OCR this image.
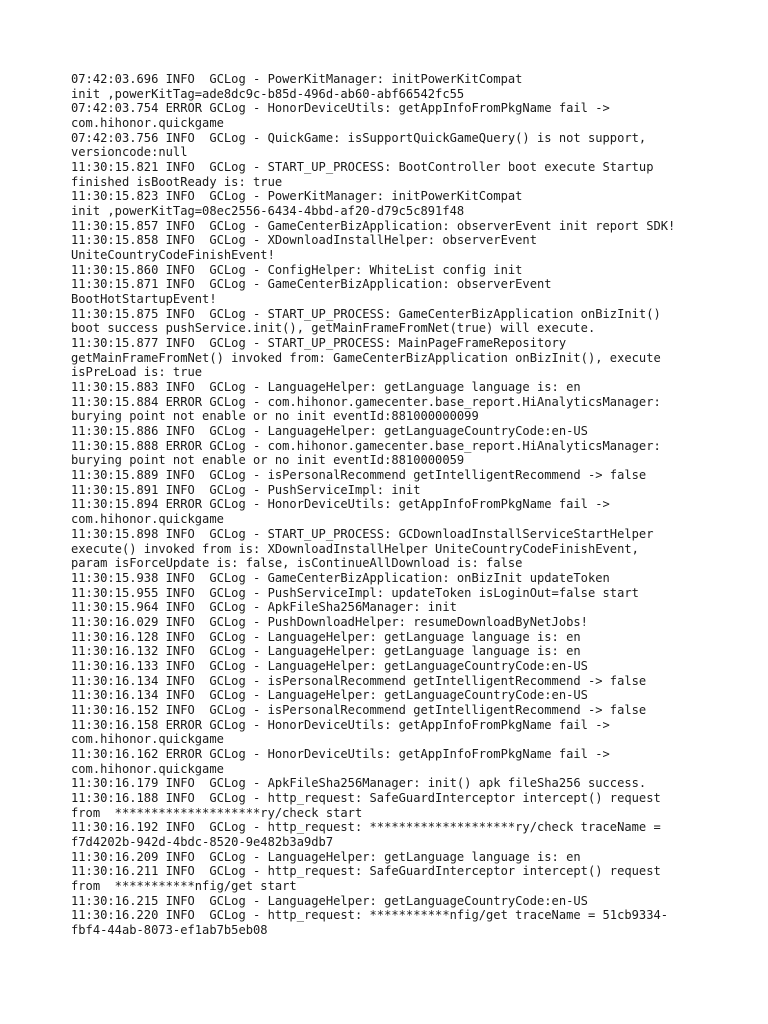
07:42:03.696 INFO  GCLog - PowerKitManager: initPowerKitCompat
init ,powerKitTag=ade8dc9c-b85d-496d-ab60-abf66542fc55
07:42:03.754 ERROR GCLog - HonorDeviceUtils: getAppInfoFromPkgName fail ->
com.hihonor.quickgame
07:42:03.756 INFO  GCLog - QuickGame: isSupportQuickGameQuery() is not support,
versioncode:null
11:30:15.821 INFO  GCLog - START_UP_PROCESS: BootController boot execute Startup
finished isBootReady is: true
11:30:15.823 INFO  GCLog - PowerKitManager: initPowerKitCompat
init ,powerKitTag=08ec2556-6434-4bbd-af20-d79c5c891f48
11:30:15.857 INFO  GCLog - GameCenterBizApplication: observerEvent init report SDK!
11:30:15.858 INFO  GCLog - XDownloadInstallHelper: observerEvent
UniteCountryCodeFinishEvent!
11:30:15.860 INFO  GCLog - ConfigHelper: WhiteList config init
11:30:15.871 INFO  GCLog - GameCenterBizApplication: observerEvent
BootHotStartupEvent!
11:30:15.875 INFO  GCLog - START_UP_PROCESS: GameCenterBizApplication onBizInit()
boot success pushService.init(), getMainFrameFromNet(true) will execute.
11:30:15.877 INFO  GCLog - START_UP_PROCESS: MainPageFrameRepository
getMainFrameFromNet() invoked from: GameCenterBizApplication onBizInit(), execute
isPreLoad is: true
11:30:15.883 INFO  GCLog - LanguageHelper: getLanguage language is: en
11:30:15.884 ERROR GCLog - com.hihonor.gamecenter.base_report.HiAnalyticsManager:
burying point not enable or no init eventId:881000000099
11:30:15.886 INFO  GCLog - LanguageHelper: getLanguageCountryCode:en-US
11:30:15.888 ERROR GCLog - com.hihonor.gamecenter.base_report.HiAnalyticsManager:
burying point not enable or no init eventId:8810000059
11:30:15.889 INFO  GCLog - isPersonalRecommend getIntelligentRecommend -> false
11:30:15.891 INFO  GCLog - PushServiceImpl: init
11:30:15.894 ERROR GCLog - HonorDeviceUtils: getAppInfoFromPkgName fail ->
com.hihonor.quickgame
11:30:15.898 INFO  GCLog - START_UP_PROCESS: GCDownloadInstallServiceStartHelper
execute() invoked from is: XDownloadInstallHelper UniteCountryCodeFinishEvent,
param isForceUpdate is: false, isContinueAllDownload is: false
11:30:15.938 INFO  GCLog - GameCenterBizApplication: onBizInit updateToken
11:30:15.955 INFO  GCLog - PushServiceImpl: updateToken isLoginOut=false start
11:30:15.964 INFO  GCLog - ApkFileSha256Manager: init
11:30:16.029 INFO  GCLog - PushDownloadHelper: resumeDownloadByNetJobs!
11:30:16.128 INFO  GCLog - LanguageHelper: getLanguage language is: en
11:30:16.132 INFO  GCLog - LanguageHelper: getLanguage language is: en
11:30:16.133 INFO  GCLog - LanguageHelper: getLanguageCountryCode:en-US
11:30:16.134 INFO  GCLog - isPersonalRecommend getIntelligentRecommend -> false
11:30:16.134 INFO  GCLog - LanguageHelper: getLanguageCountryCode:en-US
11:30:16.152 INFO  GCLog - isPersonalRecommend getIntelligentRecommend -> false
11:30:16.158 ERROR GCLog - HonorDeviceUtils: getAppInfoFromPkgName fail ->
com.hihonor.quickgame
11:30:16.162 ERROR GCLog - HonorDeviceUtils: getAppInfoFromPkgName fail ->
com.hihonor.quickgame
11:30:16.179 INFO  GCLog - ApkFileSha256Manager: init() apk fileSha256 success.
11:30:16.188 INFO  GCLog - http_request: SafeGuardInterceptor intercept() request
from  ********************ry/check start
11:30:16.192 INFO  GCLog - http_request: ********************ry/check traceName =
f7d4202b-942d-4bdc-8520-9e482b3a9db7
11:30:16.209 INFO  GCLog - LanguageHelper: getLanguage language is: en
11:30:16.211 INFO  GCLog - http_request: SafeGuardInterceptor intercept() request
from  ***********nfig/get start
11:30:16.215 INFO  GCLog - LanguageHelper: getLanguageCountryCode:en-US
11:30:16.220 INFO  GCLog - http_request: ***********nfig/get traceName = 51cb9334-
fbf4-44ab-8073-ef1ab7b5eb08
